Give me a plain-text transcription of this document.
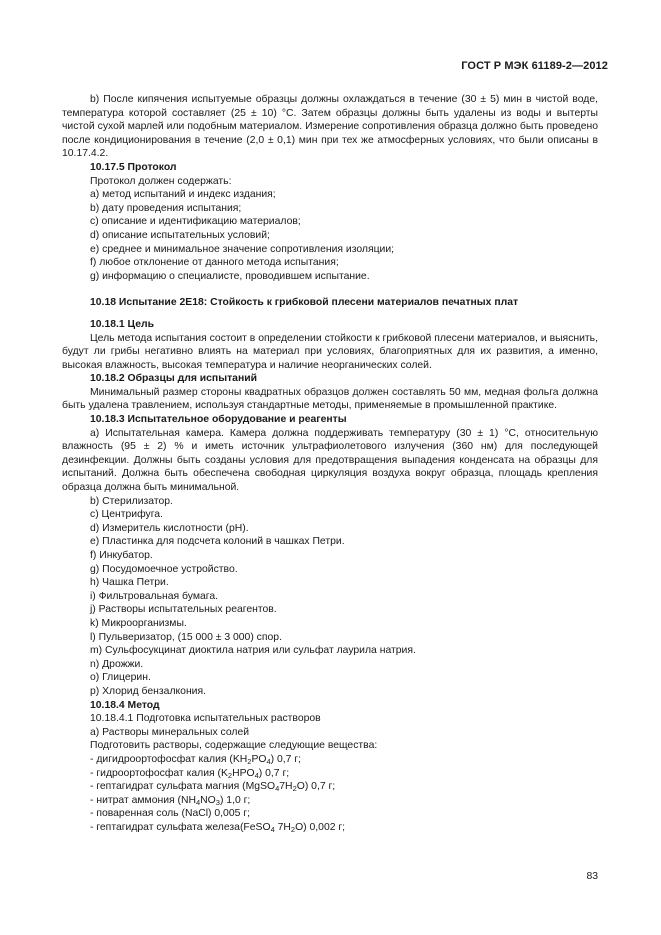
ГОСТ Р МЭК 61189-2—2012

b) После кипячения испытуемые образцы должны охлаждаться в течение (30 ± 5) мин в чистой воде, температура которой составляет (25 ± 10) °С. Затем образцы должны быть удалены из воды и вытерты чистой сухой марлей или подобным материалом. Измерение сопротивления образца должно быть проведено после кондиционирования в течение (2,0 ± 0,1) мин при тех же атмосферных условиях, что были описаны в 10.17.4.2.

10.17.5 Протокол

Протокол должен содержать:

а) метод испытаний и индекс издания;

b) дату проведения испытания;

c) описание и идентификацию материалов;

d) описание испытательных условий;

e) среднее и минимальное значение сопротивления изоляции;

f) любое отклонение от данного метода испытания;

g) информацию о специалисте, проводившем испытание.

10.18 Испытание 2Е18: Стойкость к грибковой плесени материалов печатных плат

10.18.1 Цель

Цель метода испытания состоит в определении стойкости к грибковой плесени материалов, и выяснить, будут ли грибы негативно влиять на материал при условиях, благоприятных для их развития, а именно, высокая влажность, высокая температура и наличие неорганических солей.

10.18.2 Образцы для испытаний

Минимальный размер стороны квадратных образцов должен составлять 50 мм, медная фольга должна быть удалена травлением, используя стандартные методы, применяемые в промышленной практике.

10.18.3 Испытательное оборудование и реагенты

а) Испытательная камера. Камера должна поддерживать температуру (30 ± 1) °С, относительную влажность (95 ± 2) % и иметь источник ультрафиолетового излучения (360 нм) для последующей дезинфекции. Должны быть созданы условия для предотвращения выпадения конденсата на образцы для испытаний. Должна быть обеспечена свободная циркуляция воздуха вокруг образца, площадь крепления образца должна быть минимальной.

b) Стерилизатор.

c) Центрифуга.

d) Измеритель кислотности (рН).

e) Пластинка для подсчета колоний в чашках Петри.

f) Инкубатор.

g) Посудомоечное устройство.

h) Чашка Петри.

i) Фильтровальная бумага.

j) Растворы испытательных реагентов.

k) Микроорганизмы.

l) Пульверизатор, (15 000 ± 3 000) спор.

m) Сульфосукцинат диоктила натрия или сульфат лаурила натрия.

n) Дрожжи.

o) Глицерин.

p) Хлорид бензалкония.

10.18.4 Метод

10.18.4.1 Подготовка испытательных растворов

а) Растворы минеральных солей

Подготовить растворы, содержащие следующие вещества:

- дигидроортофосфат калия $(KH_2PO_4)$ 0,7 г;

- гидроортофосфат калия $(K_2HPO_4)$ 0,7 г;

- гептагидрат сульфата магния $(MgSO_47H_2O)$ 0,7 г;

- нитрат аммония $(NH_4NO_3)$ 1,0 г;

- поваренная соль (NaCl) 0,005 г;

- гептагидрат сульфата железа(FeSO$_4$ $7H_2O$) 0,002 г;

83
